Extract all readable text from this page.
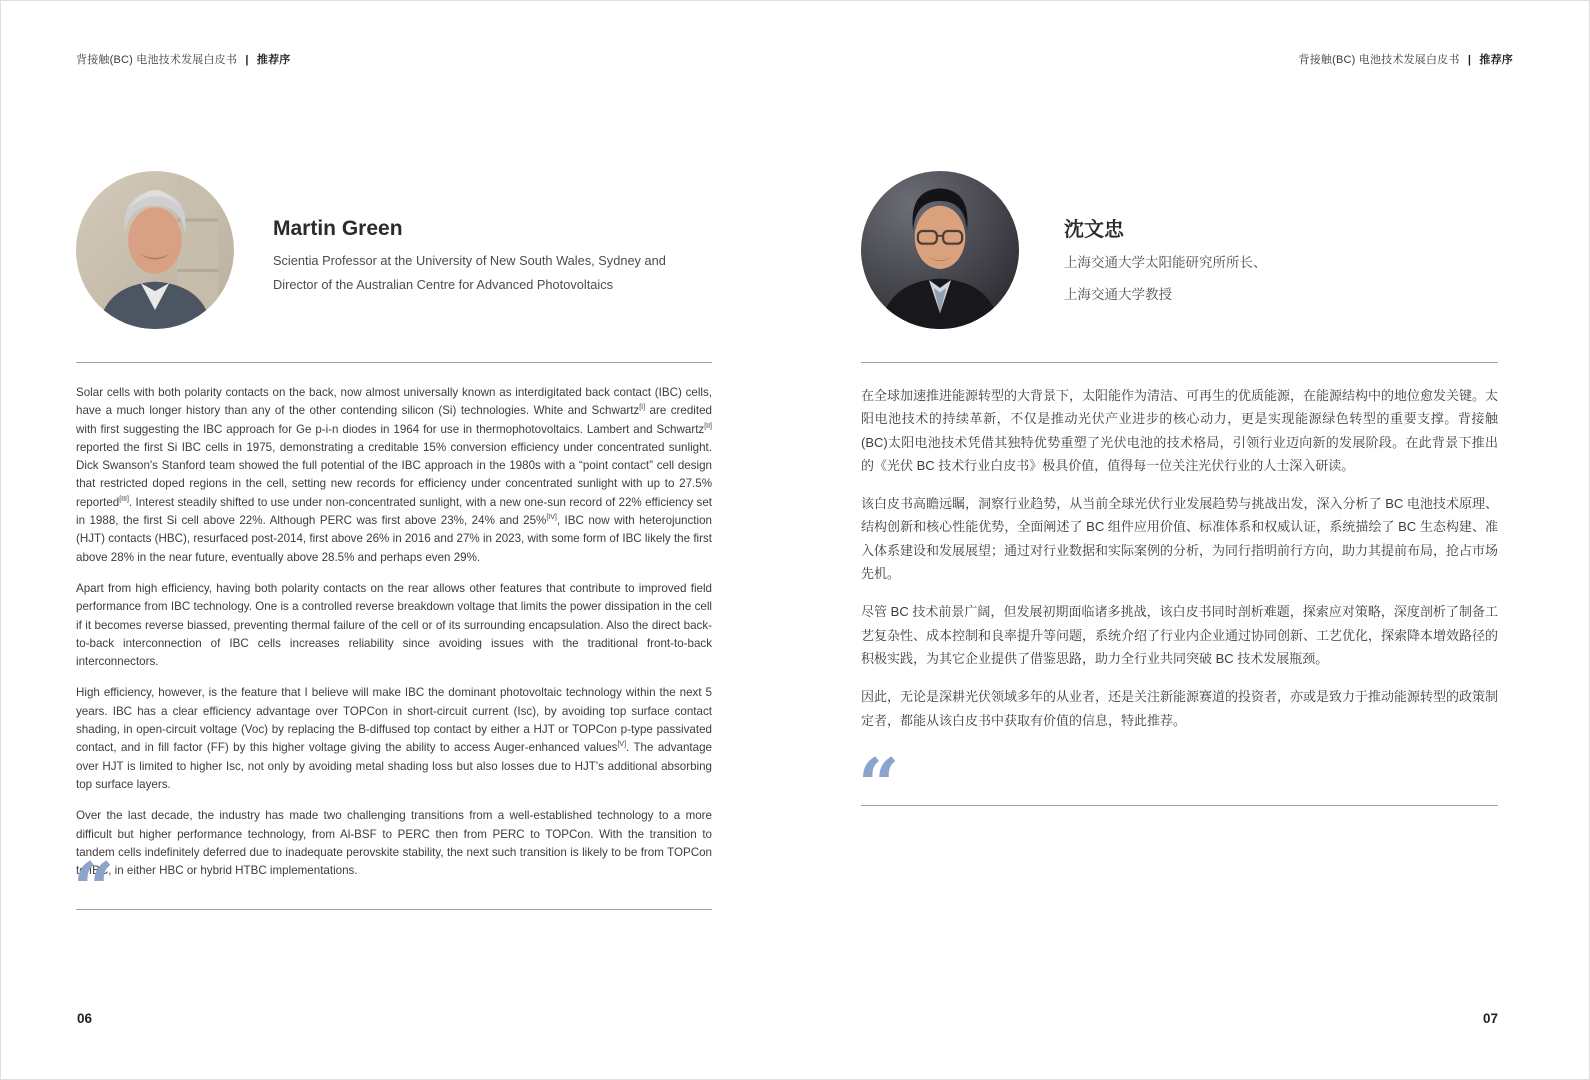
背接触(BC) 电池技术发展白皮书 | 推荐序	背接触(BC) 电池技术发展白皮书 | 推荐序
Martin Green
Scientia Professor at the University of New South Wales, Sydney and Director of the Australian Centre for Advanced Photovoltaics
沈文忠
上海交通大学太阳能研究所所长、
上海交通大学教授

Solar cells with both polarity contacts on the back, now almost universally known as interdigitated back contact (IBC) cells, have a much longer history than any of the other contending silicon (Si) technologies. White and Schwartz[I] are credited with first suggesting the IBC approach for Ge p-i-n diodes in 1964 for use in thermophotovoltaics. Lambert and Schwartz[II] reported the first Si IBC cells in 1975, demonstrating a creditable 15% conversion efficiency under concentrated sunlight. Dick Swanson's Stanford team showed the full potential of the IBC approach in the 1980s with a “point contact” cell design that restricted doped regions in the cell, setting new records for efficiency under concentrated sunlight with up to 27.5% reported[III]. Interest steadily shifted to use under non-concentrated sunlight, with a new one-sun record of 22% efficiency set in 1988, the first Si cell above 22%. Although PERC was first above 23%, 24% and 25%[IV], IBC now with heterojunction (HJT) contacts (HBC), resurfaced post-2014, first above 26% in 2016 and 27% in 2023, with some form of IBC likely the first above 28% in the near future, eventually above 28.5% and perhaps even 29%.

Apart from high efficiency, having both polarity contacts on the rear allows other features that contribute to improved field performance from IBC technology. One is a controlled reverse breakdown voltage that limits the power dissipation in the cell if it becomes reverse biassed, preventing thermal failure of the cell or of its surrounding encapsulation. Also the direct back-to-back interconnection of IBC cells increases reliability since avoiding issues with the traditional front-to-back interconnectors.

High efficiency, however, is the feature that I believe will make IBC the dominant photovoltaic technology within the next 5 years. IBC has a clear efficiency advantage over TOPCon in short-circuit current (Isc), by avoiding top surface contact shading, in open-circuit voltage (Voc) by replacing the B-diffused top contact by either a HJT or TOPCon p-type passivated contact, and in fill factor (FF) by this higher voltage giving the ability to access Auger-enhanced values[V]. The advantage over HJT is limited to higher Isc, not only by avoiding metal shading loss but also losses due to HJT's additional absorbing top surface layers.

Over the last decade, the industry has made two challenging transitions from a well-established technology to a more difficult but higher performance technology, from Al-BSF to PERC then from PERC to TOPCon. With the transition to tandem cells indefinitely deferred due to inadequate perovskite stability, the next such transition is likely to be from TOPCon to IBC, in either HBC or hybrid HTBC implementations.

在全球加速推进能源转型的大背景下，太阳能作为清洁、可再生的优质能源，在能源结构中的地位愈发关键。太阳电池技术的持续革新，不仅是推动光伏产业进步的核心动力，更是实现能源绿色转型的重要支撑。背接触(BC)太阳电池技术凭借其独特优势重塑了光伏电池的技术格局，引领行业迈向新的发展阶段。在此背景下推出的《光伏 BC 技术行业白皮书》极具价值，值得每一位关注光伏行业的人士深入研读。

该白皮书高瞻远瞩，洞察行业趋势，从当前全球光伏行业发展趋势与挑战出发，深入分析了 BC 电池技术原理、结构创新和核心性能优势，全面阐述了 BC 组件应用价值、标准体系和权威认证，系统描绘了 BC 生态构建、准入体系建设和发展展望；通过对行业数据和实际案例的分析，为同行指明前行方向，助力其提前布局，抢占市场先机。

尽管 BC 技术前景广阔，但发展初期面临诸多挑战，该白皮书同时剖析难题，探索应对策略，深度剖析了制备工艺复杂性、成本控制和良率提升等问题，系统介绍了行业内企业通过协同创新、工艺优化，探索降本增效路径的积极实践，为其它企业提供了借鉴思路，助力全行业共同突破 BC 技术发展瓶颈。

因此，无论是深耕光伏领域多年的从业者，还是关注新能源赛道的投资者，亦或是致力于推动能源转型的政策制定者，都能从该白皮书中获取有价值的信息，特此推荐。

“
“
06	07
